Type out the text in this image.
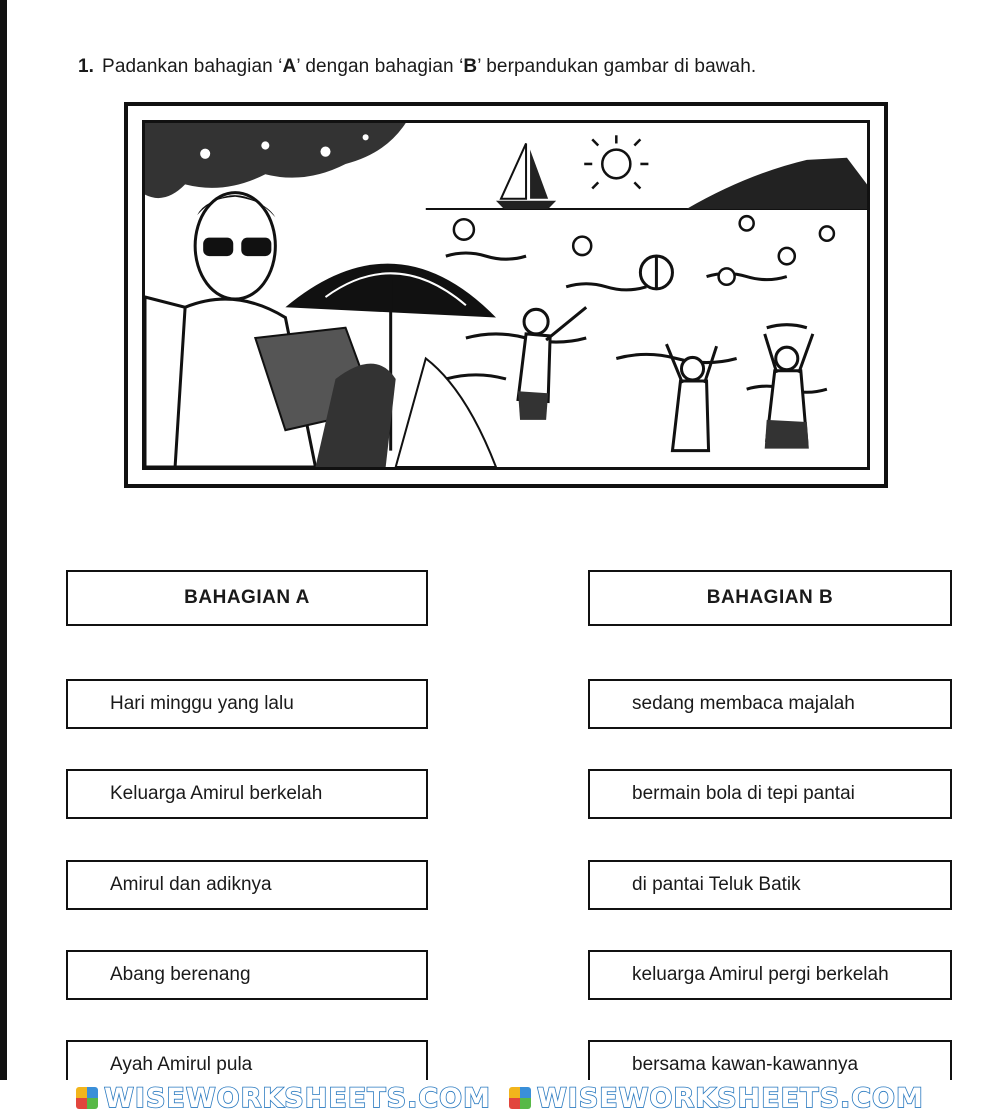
1. Padankan bahagian ‘A’ dengan bahagian ‘B’ berpandukan gambar di bawah.
BAHAGIAN A	BAHAGIAN B
Hari minggu yang lalu
Keluarga Amirul berkelah
Amirul dan adiknya
Abang berenang
Ayah Amirul pula
sedang membaca majalah
bermain bola di tepi pantai
di pantai Teluk Batik
keluarga Amirul pergi berkelah
bersama kawan-kawannya
WISEWORKSHEETS.COM WISEWORKSHEETS.COM
